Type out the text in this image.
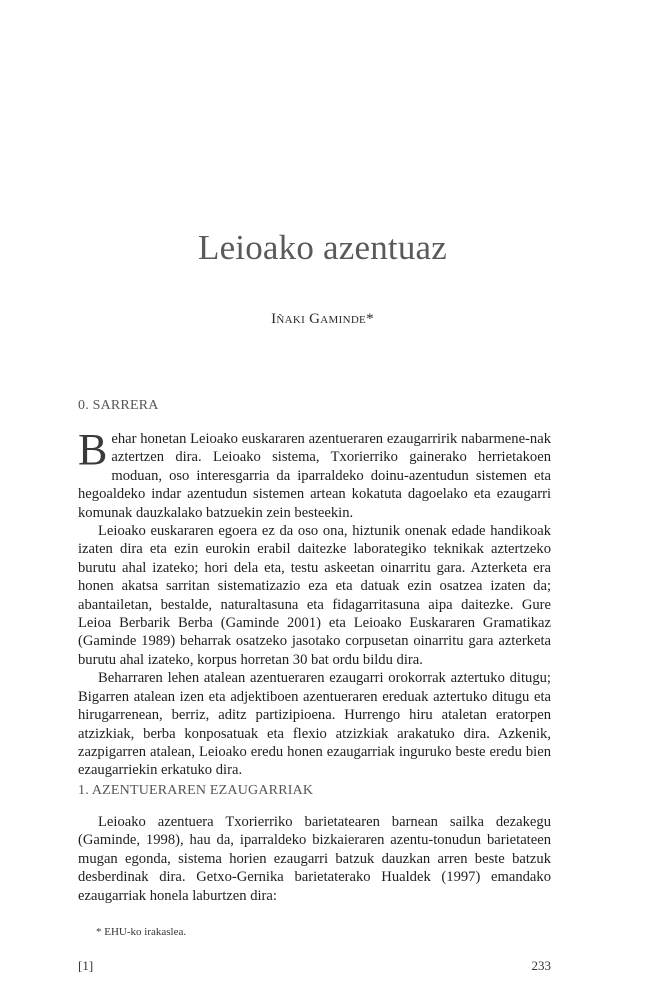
Leioako azentuaz
Iñaki Gaminde*
0. SARRERA

Behar honetan Leioako euskararen azentueraren ezaugarririk nabarmene-nak aztertzen dira. Leioako sistema, Txorierriko gainerako herrietakoen moduan, oso interesgarria da iparraldeko doinu-azentudun sistemen eta hegoaldeko indar azentudun sistemen artean kokatuta dagoelako eta ezaugarri komunak dauzkalako batzuekin zein besteekin.

Leioako euskararen egoera ez da oso ona, hiztunik onenak edade handikoak izaten dira eta ezin eurokin erabil daitezke laborategiko teknikak aztertzeko burutu ahal izateko; hori dela eta, testu askeetan oinarritu gara. Azterketa era honen akatsa sarritan sistematizazio eza eta datuak ezin osatzea izaten da; abantailetan, bestalde, naturaltasuna eta fidagarritasuna aipa daitezke. Gure Leioa Berbarik Berba (Gaminde 2001) eta Leioako Euskararen Gramatikaz (Gaminde 1989) beharrak osatzeko jasotako corpusetan oinarritu gara azterketa burutu ahal izateko, korpus horretan 30 bat ordu bildu dira.

Beharraren lehen atalean azentueraren ezaugarri orokorrak aztertuko ditugu; Bigarren atalean izen eta adjektiboen azentueraren ereduak aztertuko ditugu eta hirugarrenean, berriz, aditz partizipioena. Hurrengo hiru ataletan eratorpen atzizkiak, berba konposatuak eta flexio atzizkiak arakatuko dira. Azkenik, zazpigarren atalean, Leioako eredu honen ezaugarriak inguruko beste eredu bien ezaugarriekin erkatuko dira.

1. AZENTUERAREN EZAUGARRIAK

Leioako azentuera Txorierriko barietatearen barnean sailka dezakegu (Gaminde, 1998), hau da, iparraldeko bizkaieraren azentu-tonudun barietateen mugan egonda, sistema horien ezaugarri batzuk dauzkan arren beste batzuk desberdinak dira. Getxo-Gernika barietaterako Hualdek (1997) emandako ezaugarriak honela laburtzen dira:

* EHU-ko irakaslea.
[1]	233
